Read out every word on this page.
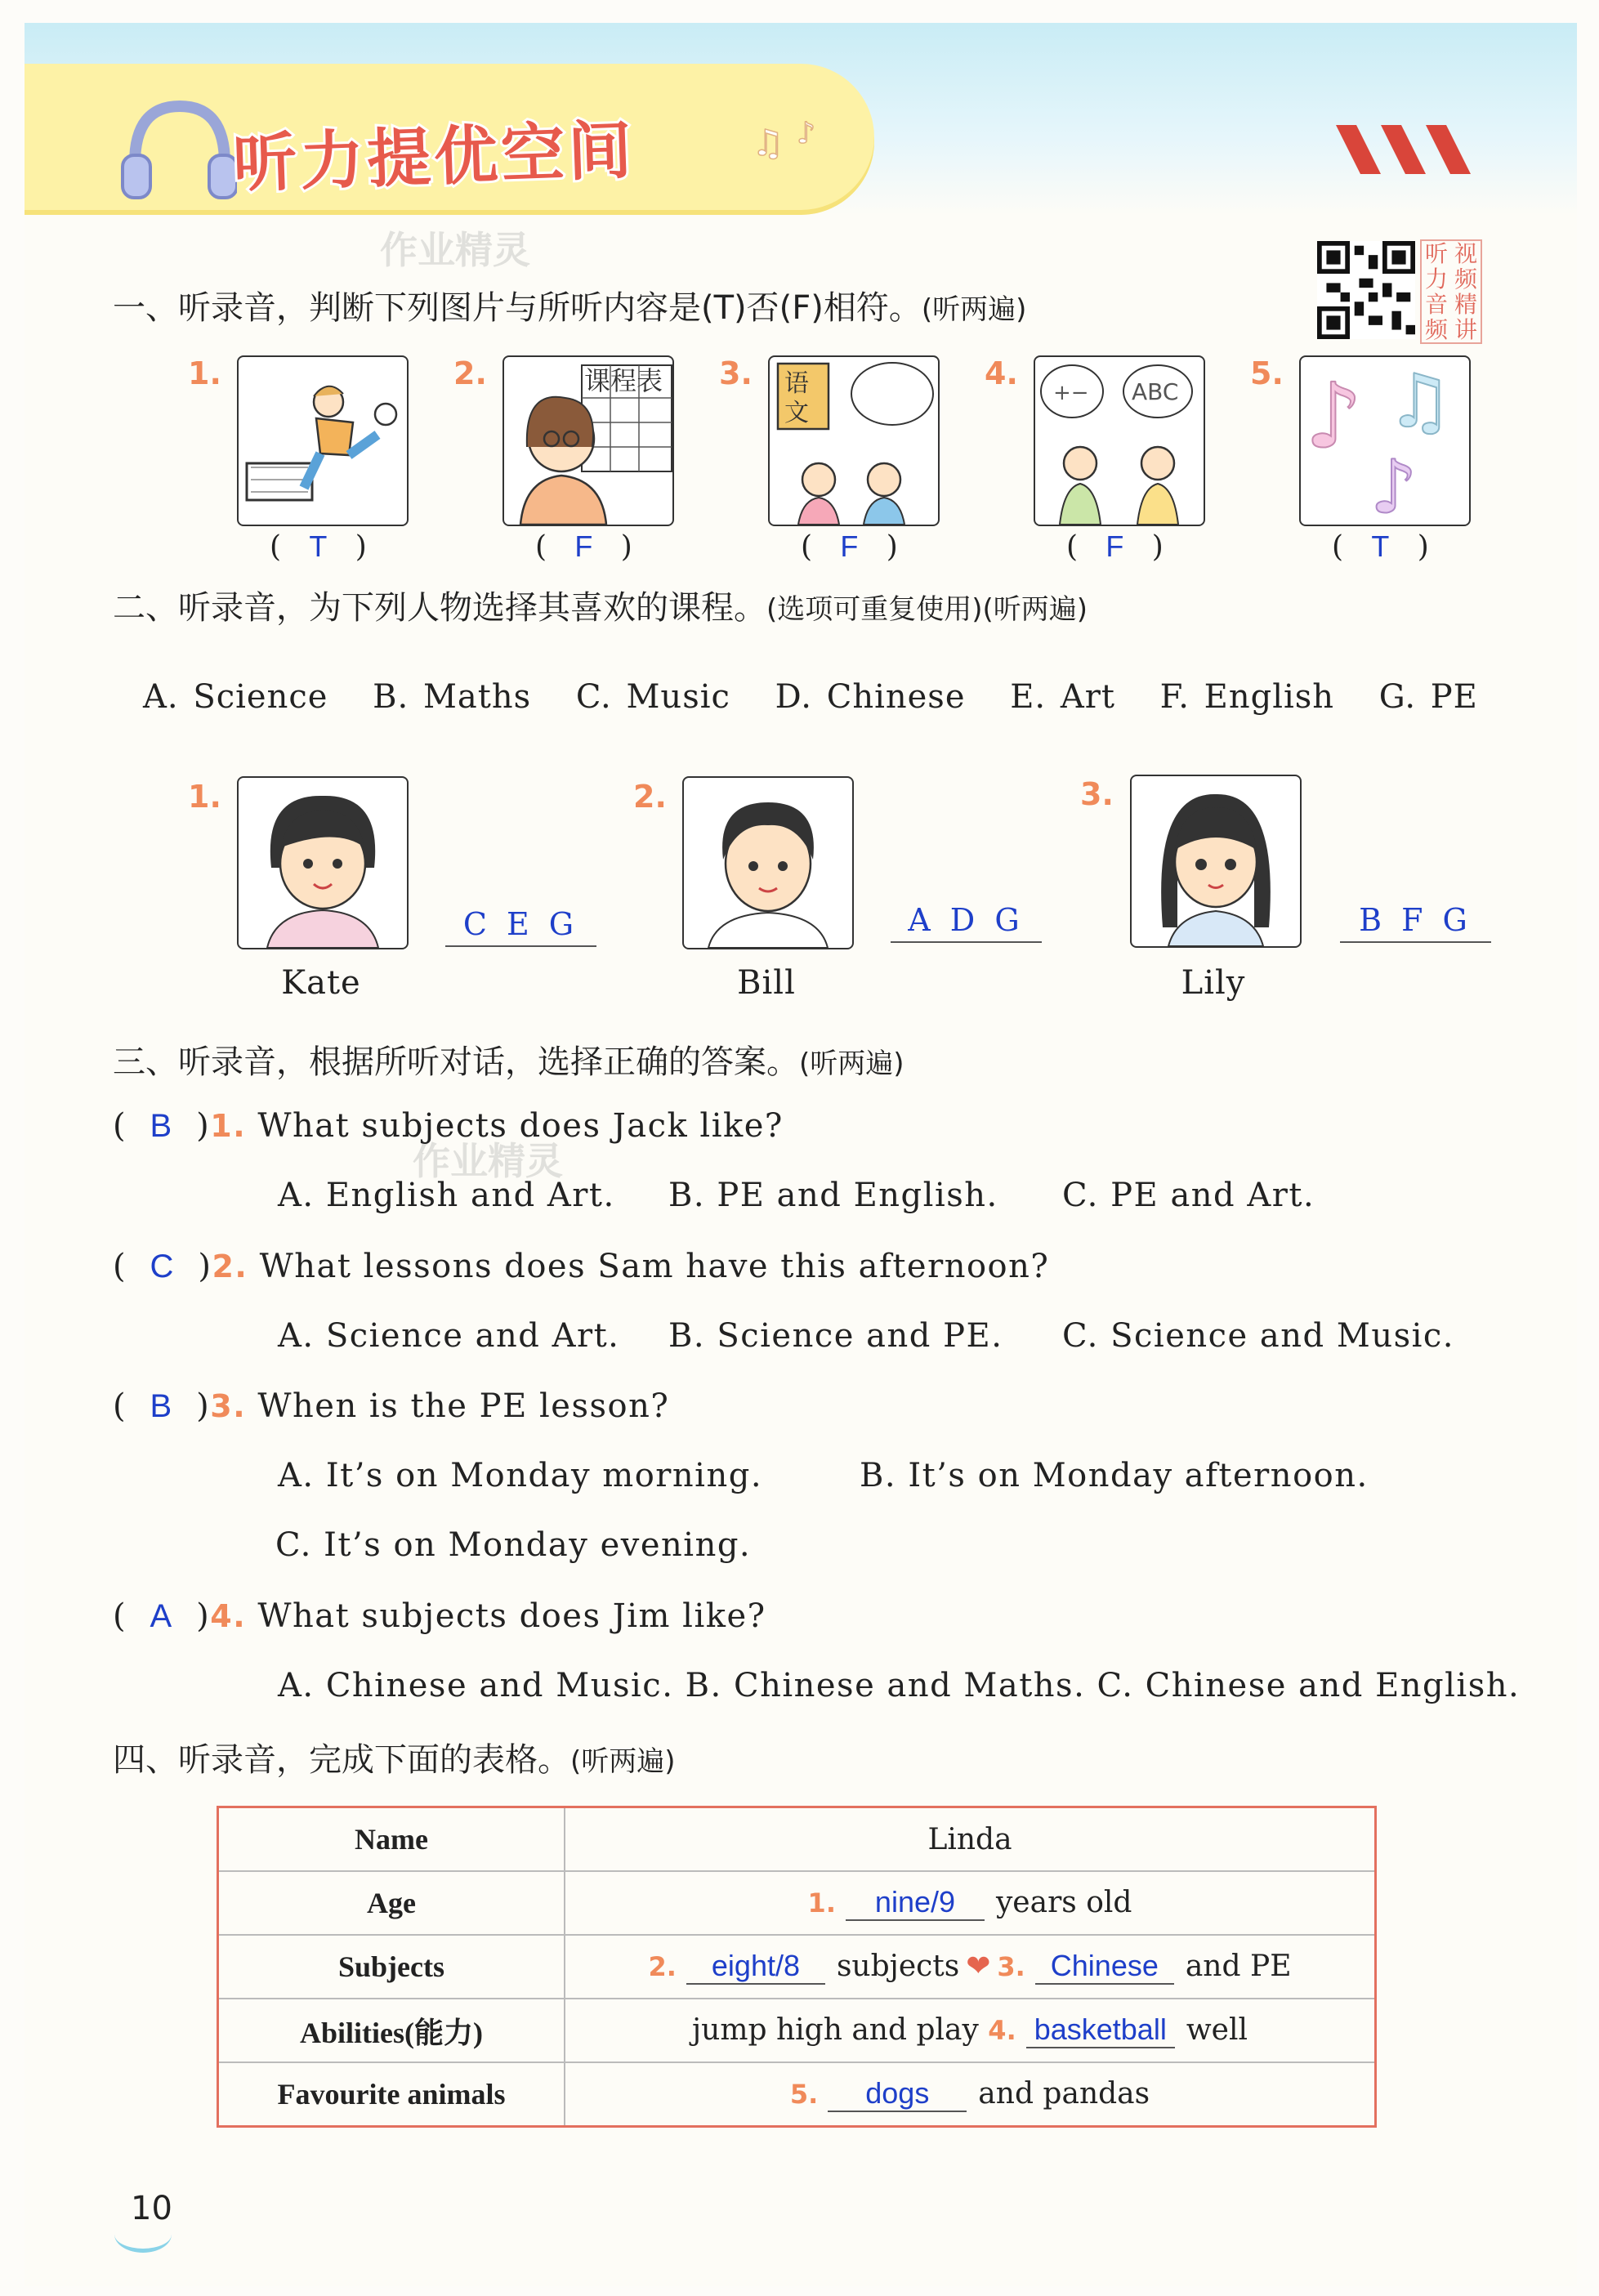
听力提优空间	♫ ♪
作业精灵
作业精灵
听 视
力 频
音 精
频 讲
一、听录音，判断下列图片与所听内容是(T)否(F)相符。(听两遍)
1.
(   T   )
2.	课程表
(   F   )
3. 语
文
(   F   )
4.
+− ABC
(   F   )
5. ♪ ♫
♪
(   T   )
二、听录音，为下列人物选择其喜欢的课程。(选项可重复使用)(听两遍)
A. Science B. Maths C. Music D. Chinese E. Art F. English G. PE
1.
C E G
Kate
2.
A D G
Bill
3.
B F G
Lily
三、听录音，根据所听对话，选择正确的答案。(听两遍)
(  B  )1. What subjects does Jack like?
A. English and Art. B. PE and English. C. PE and Art.
(  C  )2. What lessons does Sam have this afternoon?
A. Science and Art. B. Science and PE. C. Science and Music.
(  B  )3. When is the PE lesson?
A. It’s on Monday morning.	B. It’s on Monday afternoon.
C. It’s on Monday evening.
(  A  )4. What subjects does Jim like?
A. Chinese and Music. B. Chinese and Maths. C. Chinese and English.
四、听录音，完成下面的表格。(听两遍)
Name	Linda
Age	1. nine/9 years old
Subjects	2. eight/8 subjects ❤ 3. Chinese and PE
Abilities(能力)	jump high and play 4. basketball well
Favourite animals	5. dogs and pandas
10
